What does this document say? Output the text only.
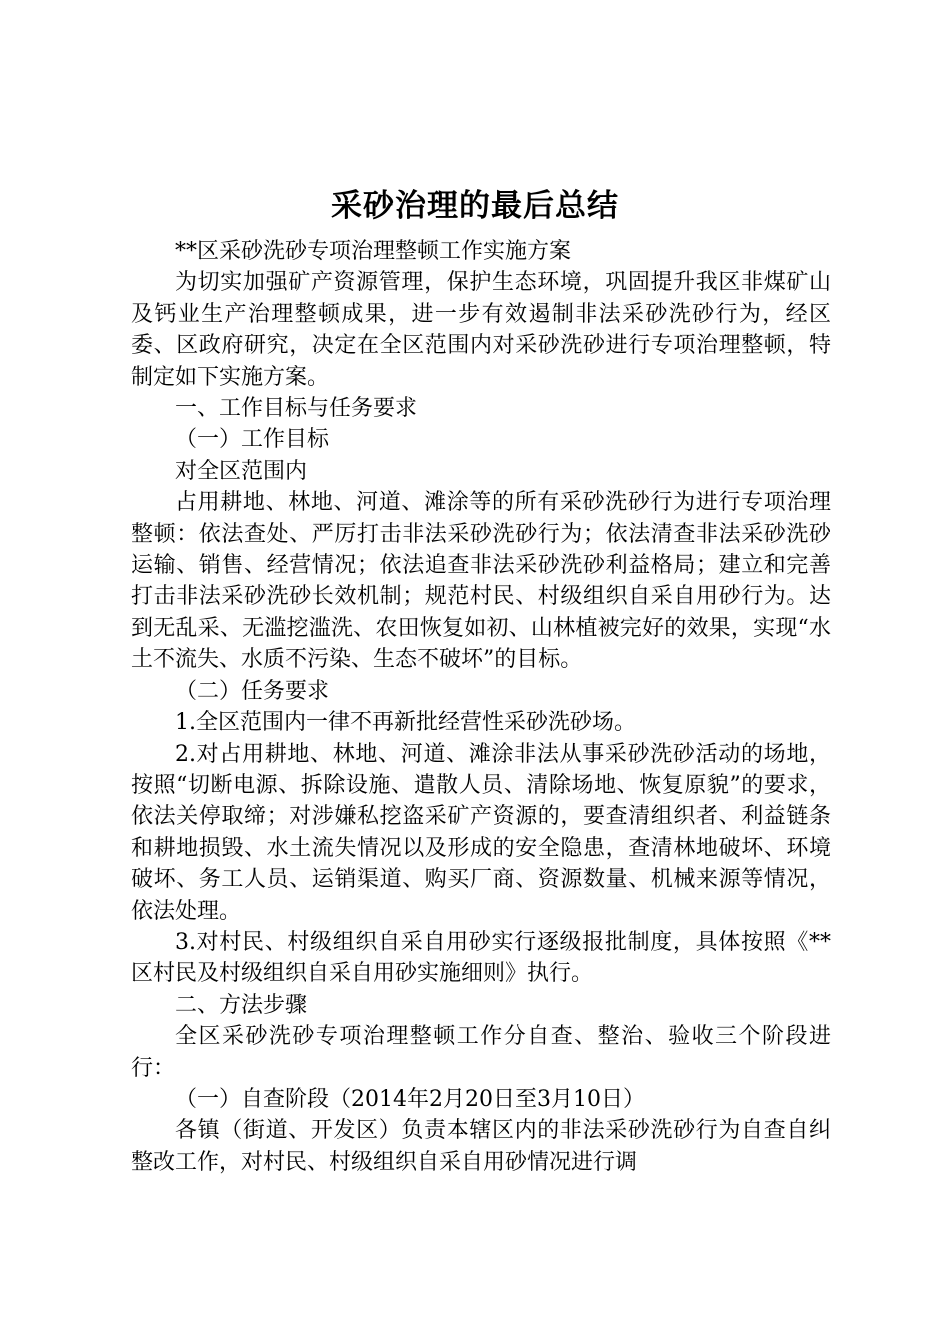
采砂治理的最后总结

**区采砂洗砂专项治理整顿工作实施方案

为切实加强矿产资源管理，保护生态环境，巩固提升我区非煤矿山及钙业生产治理整顿成果，进一步有效遏制非法采砂洗砂行为，经区委、区政府研究，决定在全区范围内对采砂洗砂进行专项治理整顿，特制定如下实施方案。

一、工作目标与任务要求

（一）工作目标

对全区范围内

占用耕地、林地、河道、滩涂等的所有采砂洗砂行为进行专项治理整顿：依法查处、严厉打击非法采砂洗砂行为；依法清查非法采砂洗砂运输、销售、经营情况；依法追查非法采砂洗砂利益格局；建立和完善打击非法采砂洗砂长效机制；规范村民、村级组织自采自用砂行为。达到无乱采、无滥挖滥洗、农田恢复如初、山林植被完好的效果，实现“水土不流失、水质不污染、生态不破坏”的目标。

（二）任务要求

1.全区范围内一律不再新批经营性采砂洗砂场。

2.对占用耕地、林地、河道、滩涂非法从事采砂洗砂活动的场地，按照“切断电源、拆除设施、遣散人员、清除场地、恢复原貌”的要求，依法关停取缔；对涉嫌私挖盗采矿产资源的，要查清组织者、利益链条和耕地损毁、水土流失情况以及形成的安全隐患，查清林地破坏、环境破坏、务工人员、运销渠道、购买厂商、资源数量、机械来源等情况，依法处理。

3.对村民、村级组织自采自用砂实行逐级报批制度，具体按照《**区村民及村级组织自采自用砂实施细则》执行。

二、方法步骤

全区采砂洗砂专项治理整顿工作分自查、整治、验收三个阶段进行：

（一）自查阶段（2014年2月20日至3月10日）

各镇（街道、开发区）负责本辖区内的非法采砂洗砂行为自查自纠整改工作，对村民、村级组织自采自用砂情况进行调
